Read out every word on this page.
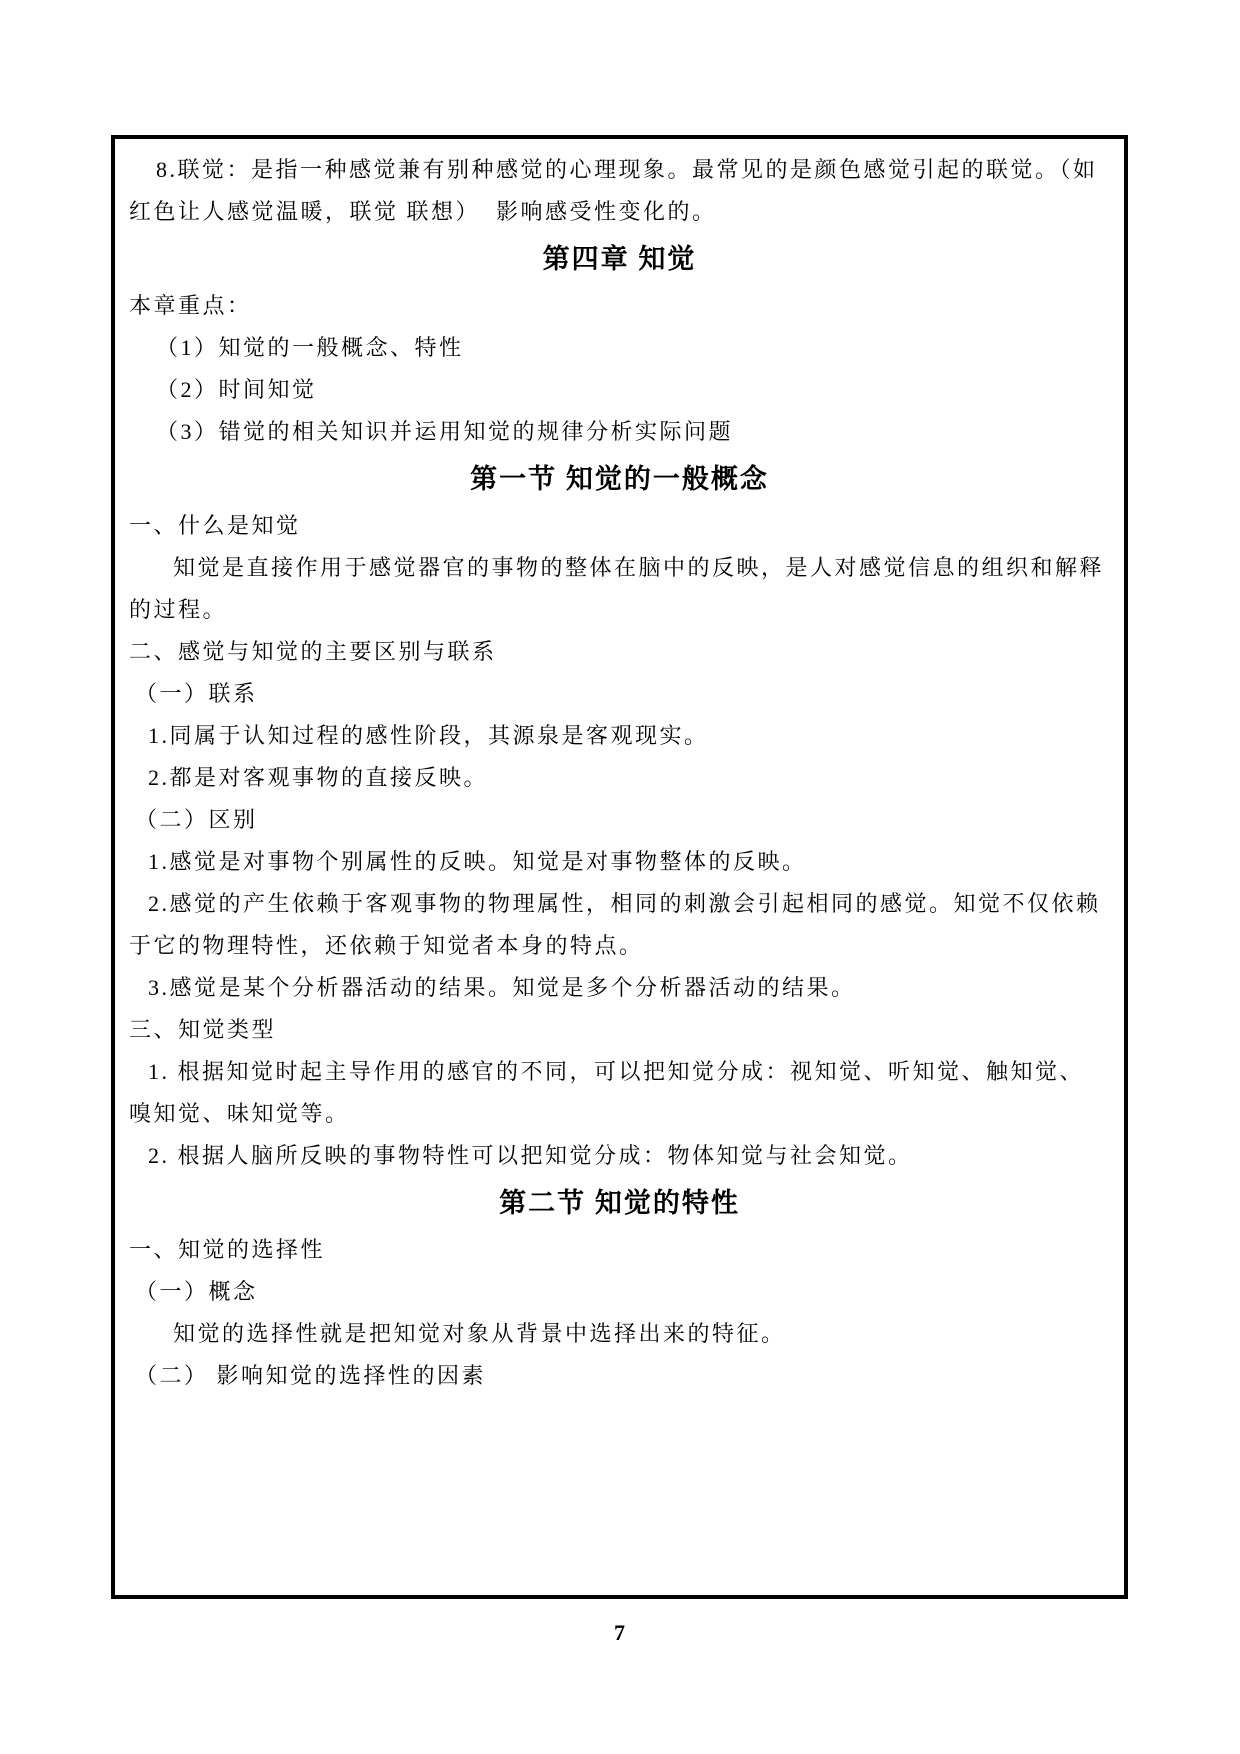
8.联觉：是指一种感觉兼有别种感觉的心理现象。最常见的是颜色感觉引起的联觉。（如
红色让人感觉温暖，联觉 联想）  影响感受性变化的。
第四章 知觉
本章重点：
（1）知觉的一般概念、特性
（2）时间知觉
（3）错觉的相关知识并运用知觉的规律分析实际问题
第一节 知觉的一般概念
一、什么是知觉
知觉是直接作用于感觉器官的事物的整体在脑中的反映，是人对感觉信息的组织和解释
的过程。
二、感觉与知觉的主要区别与联系
（一）联系
1.同属于认知过程的感性阶段，其源泉是客观现实。
2.都是对客观事物的直接反映。
（二）区别
1.感觉是对事物个别属性的反映。知觉是对事物整体的反映。
2.感觉的产生依赖于客观事物的物理属性，相同的刺激会引起相同的感觉。知觉不仅依赖
于它的物理特性，还依赖于知觉者本身的特点。
3.感觉是某个分析器活动的结果。知觉是多个分析器活动的结果。
三、知觉类型
1. 根据知觉时起主导作用的感官的不同，可以把知觉分成：视知觉、听知觉、触知觉、
嗅知觉、味知觉等。
2. 根据人脑所反映的事物特性可以把知觉分成：物体知觉与社会知觉。
第二节 知觉的特性
一、知觉的选择性
（一）概念
知觉的选择性就是把知觉对象从背景中选择出来的特征。
（二） 影响知觉的选择性的因素
7
